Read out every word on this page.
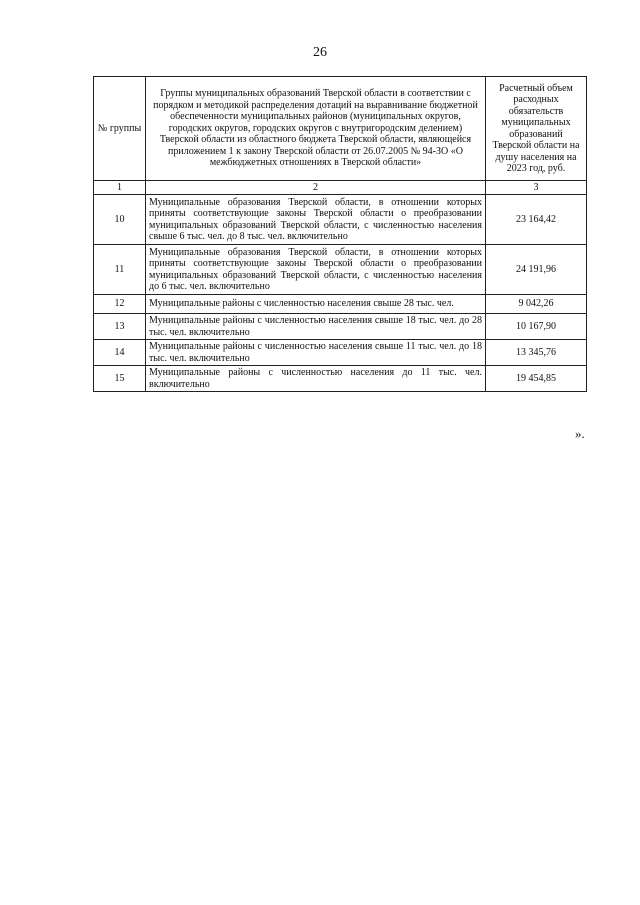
26
№ группы	Группы муниципальных образований Тверской области в соответствии с порядком и методикой распределения дотаций на выравнивание бюджетной обеспеченности муниципальных районов (муниципальных округов, городских округов, городских округов с внутригородским делением) Тверской области из областного бюджета Тверской области, являющейся приложением 1 к закону Тверской области от 26.07.2005 № 94-ЗО «О межбюджетных отношениях в Тверской области»	Расчетный объем расходных обязательств муниципальных образований Тверской области на душу населения на 2023 год, руб.
1	2	3
10	Муниципальные образования Тверской области, в отношении которых приняты соответствующие законы Тверской области о преобразовании муниципальных образований Тверской области, с численностью населения свыше 6 тыс. чел. до 8 тыс. чел. включительно	23 164,42
11	Муниципальные образования Тверской области, в отношении которых приняты соответствующие законы Тверской области о преобразовании муниципальных образований Тверской области, с численностью населения до 6 тыс. чел. включительно	24 191,96
12	Муниципальные районы с численностью населения свыше 28 тыс. чел.	9 042,26
13	Муниципальные районы с численностью населения свыше 18 тыс. чел. до 28 тыс. чел. включительно	10 167,90
14	Муниципальные районы с численностью населения свыше 11 тыс. чел. до 18 тыс. чел. включительно	13 345,76
15	Муниципальные районы с численностью населения до 11 тыс. чел. включительно	19 454,85
».
